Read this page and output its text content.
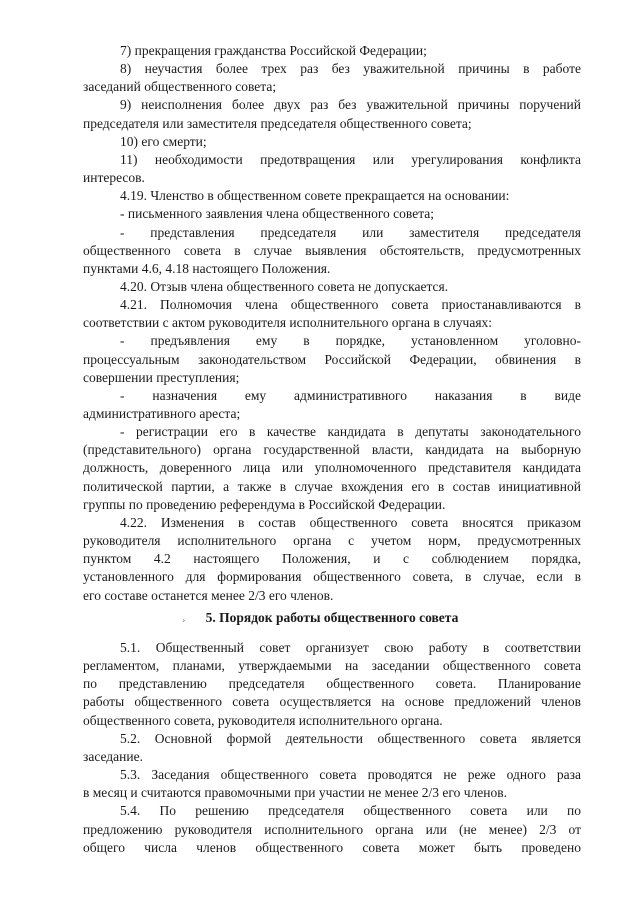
7) прекращения гражданства Российской Федерации;
8) неучастия более трех раз без уважительной причины в работе
заседаний общественного совета;
9) неисполнения более двух раз без уважительной причины поручений
председателя или заместителя председателя общественного совета;
10) его смерти;
11) необходимости предотвращения или урегулирования конфликта
интересов.
4.19. Членство в общественном совете прекращается на основании:
- письменного заявления члена общественного совета;
- представления председателя или заместителя председателя
общественного совета в случае выявления обстоятельств, предусмотренных
пунктами 4.6, 4.18 настоящего Положения.
4.20. Отзыв члена общественного совета не допускается.
4.21. Полномочия члена общественного совета приостанавливаются в
соответствии с актом руководителя исполнительного органа в случаях:
- предъявления ему в порядке, установленном уголовно-
процессуальным законодательством Российской Федерации, обвинения в
совершении преступления;
- назначения ему административного наказания в виде
административного ареста;
- регистрации его в качестве кандидата в депутаты законодательного
(представительного) органа государственной власти, кандидата на выборную
должность, доверенного лица или уполномоченного представителя кандидата
политической партии, а также в случае вхождения его в состав инициативной
группы по проведению референдума в Российской Федерации.
4.22. Изменения в состав общественного совета вносятся приказом
руководителя исполнительного органа с учетом норм, предусмотренных
пунктом 4.2 настоящего Положения, и с соблюдением порядка,
установленного для формирования общественного совета, в случае, если в
его составе останется менее 2/3 его членов.
¸	5. Порядок работы общественного совета
5.1. Общественный совет организует свою работу в соответствии
регламентом, планами, утверждаемыми на заседании общественного совета
по представлению председателя общественного совета. Планирование
работы общественного совета осуществляется на основе предложений членов
общественного совета, руководителя исполнительного органа.
5.2. Основной формой деятельности общественного совета является
заседание.
5.3. Заседания общественного совета проводятся не реже одного раза
в месяц и считаются правомочными при участии не менее 2/3 его членов.
5.4. По решению председателя общественного совета или по
предложению руководителя исполнительного органа или (не менее) 2/3 от
общего числа членов общественного совета может быть проведено
